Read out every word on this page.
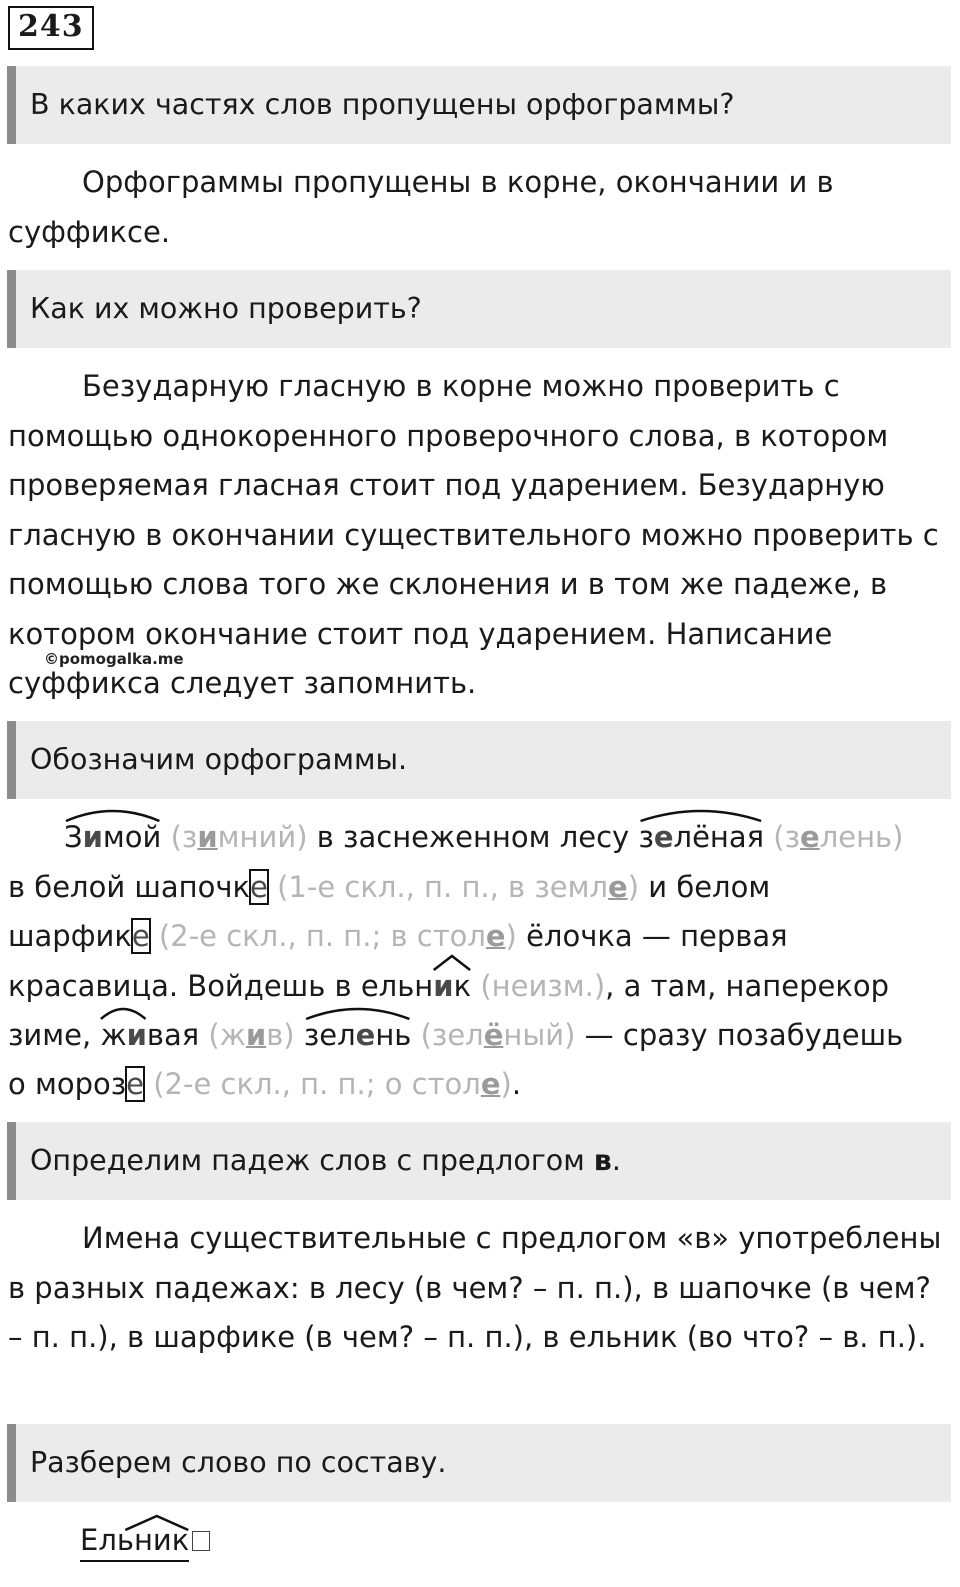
243
В каких частях слов пропущены орфограммы?

Орфограммы пропущены в корне, окончании и в суффиксе.

Как их можно проверить?

Безударную гласную в корне можно проверить с помощью однокоренного проверочного слова, в котором проверяемая гласная стоит под ударением. Безударную гласную в окончании существительного можно проверить с помощью слова того же склонения и в том же падеже, в котором окончание стоит под ударением. Написание суффикса следует запомнить.

©pomogalka.me
Обозначим орфограммы.
Зимой (зимний) в заснеженном лесу
зелёная (зелень)
в белой шапочке (1-е скл., п. п., в земле) и белом
шарфике (2-е скл., п. п.; в столе) ёлочка — первая
красавица. Войдешь в ельн
ик (неизм.), а там, наперекор
зиме,
живая (жив) зелень (зелёный) — сразу позабудешь
о морозе (2-е скл., п. п.; о столе).
Определим падеж слов с предлогом в.

Имена существительные с предлогом «в» употреблены в разных падежах: в лесу (в чем? – п. п.), в шапочке (в чем? – п. п.), в шарфике (в чем? – п. п.), в ельник (во что? – в. п.).

Разберем слово по составу.
Ельник
